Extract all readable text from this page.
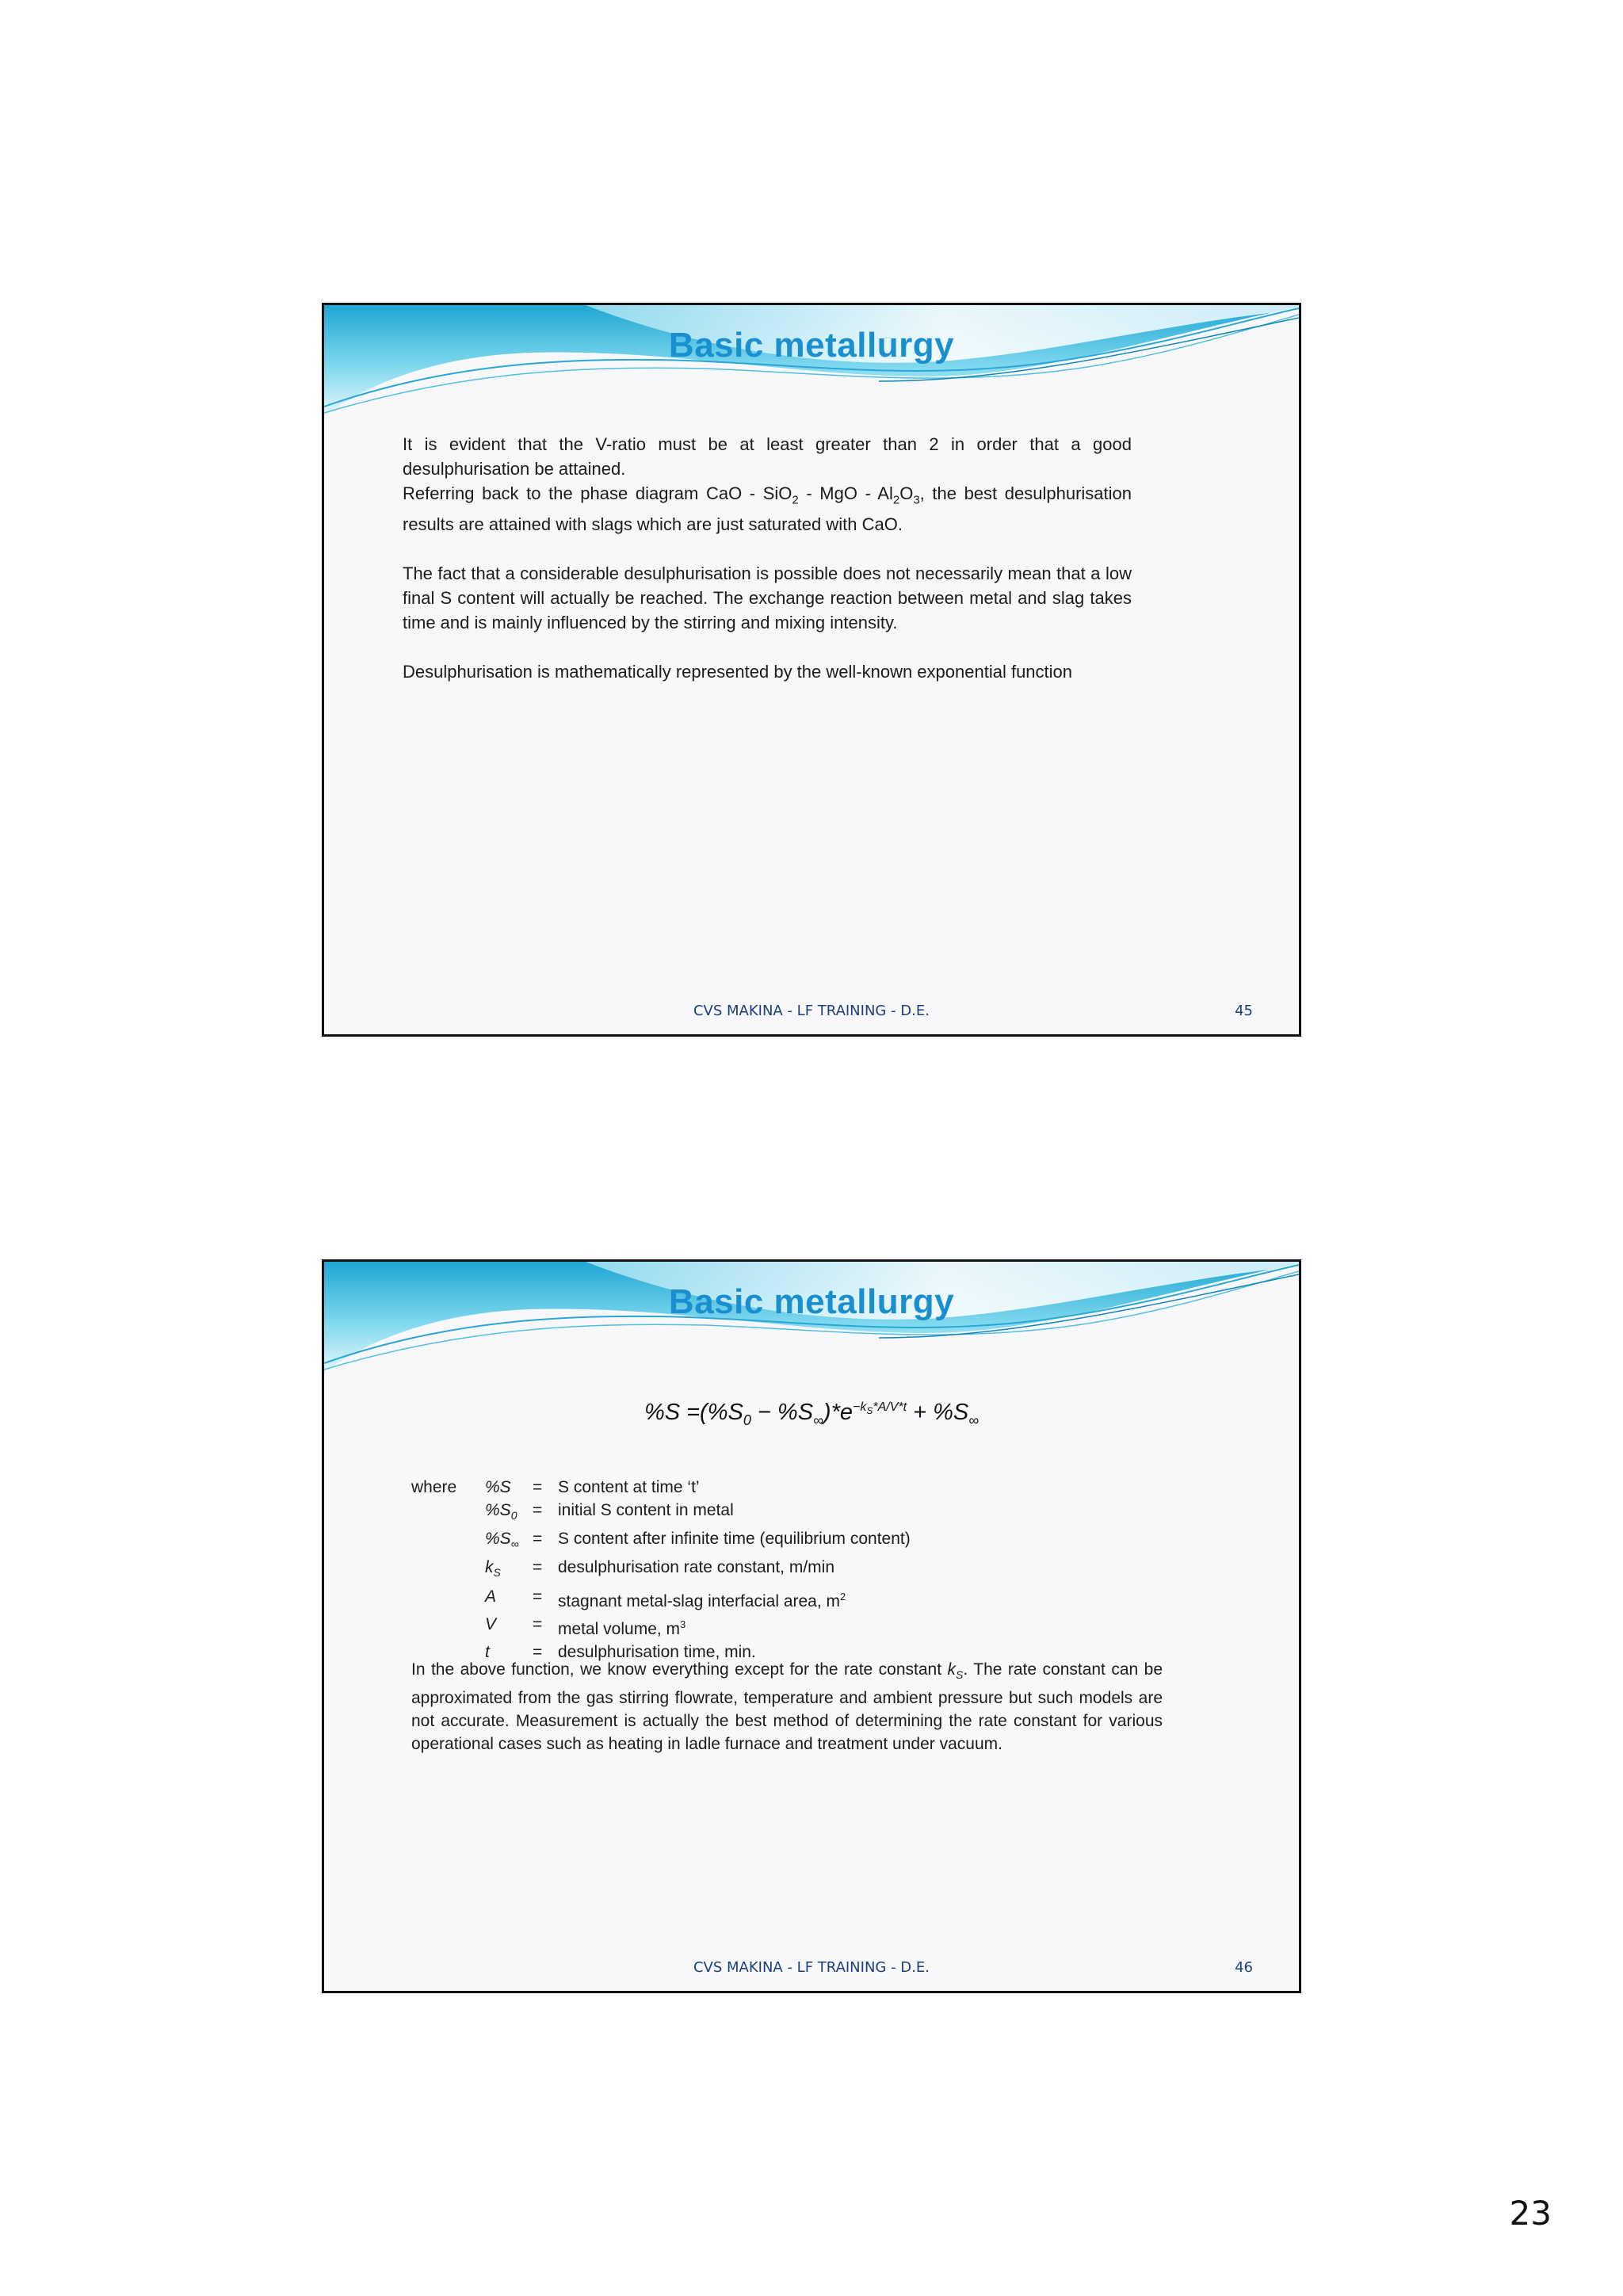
Basic metallurgy

It is evident that the V-ratio must be at least greater than 2 in order that a good desulphurisation be attained.

Referring back to the phase diagram CaO - SiO$_2$ - MgO - $Al_2O_3$, the best desulphurisation results are attained with slags which are just saturated with CaO.

The fact that a considerable desulphurisation is possible does not necessarily mean that a low final S content will actually be reached. The exchange reaction between metal and slag takes time and is mainly influenced by the stirring and mixing intensity.

Desulphurisation is mathematically represented by the well-known exponential function

CVS MAKINA - LF TRAINING - D.E.	45
Basic metallurgy
$\%S =(\%S_0 - \%S_\infty)*e^{-k_S*A/V*t} + \%S_\infty$
where	%S	=	S content at time ‘t’
	$\%S_0$	=	initial S content in metal
	$\%S_\infty$	=	S content after infinite time (equilibrium content)
	$k_S$	=	desulphurisation rate constant, m/min
	A	=	stagnant metal-slag interfacial area, $m^2$
	V	=	metal volume, $m^3$
	t	=	desulphurisation time, min.

In the above function, we know everything except for the rate constant $k_S$. The rate constant can be approximated from the gas stirring flowrate, temperature and ambient pressure but such models are not accurate. Measurement is actually the best method of determining the rate constant for various operational cases such as heating in ladle furnace and treatment under vacuum.

CVS MAKINA - LF TRAINING - D.E.	46
23
